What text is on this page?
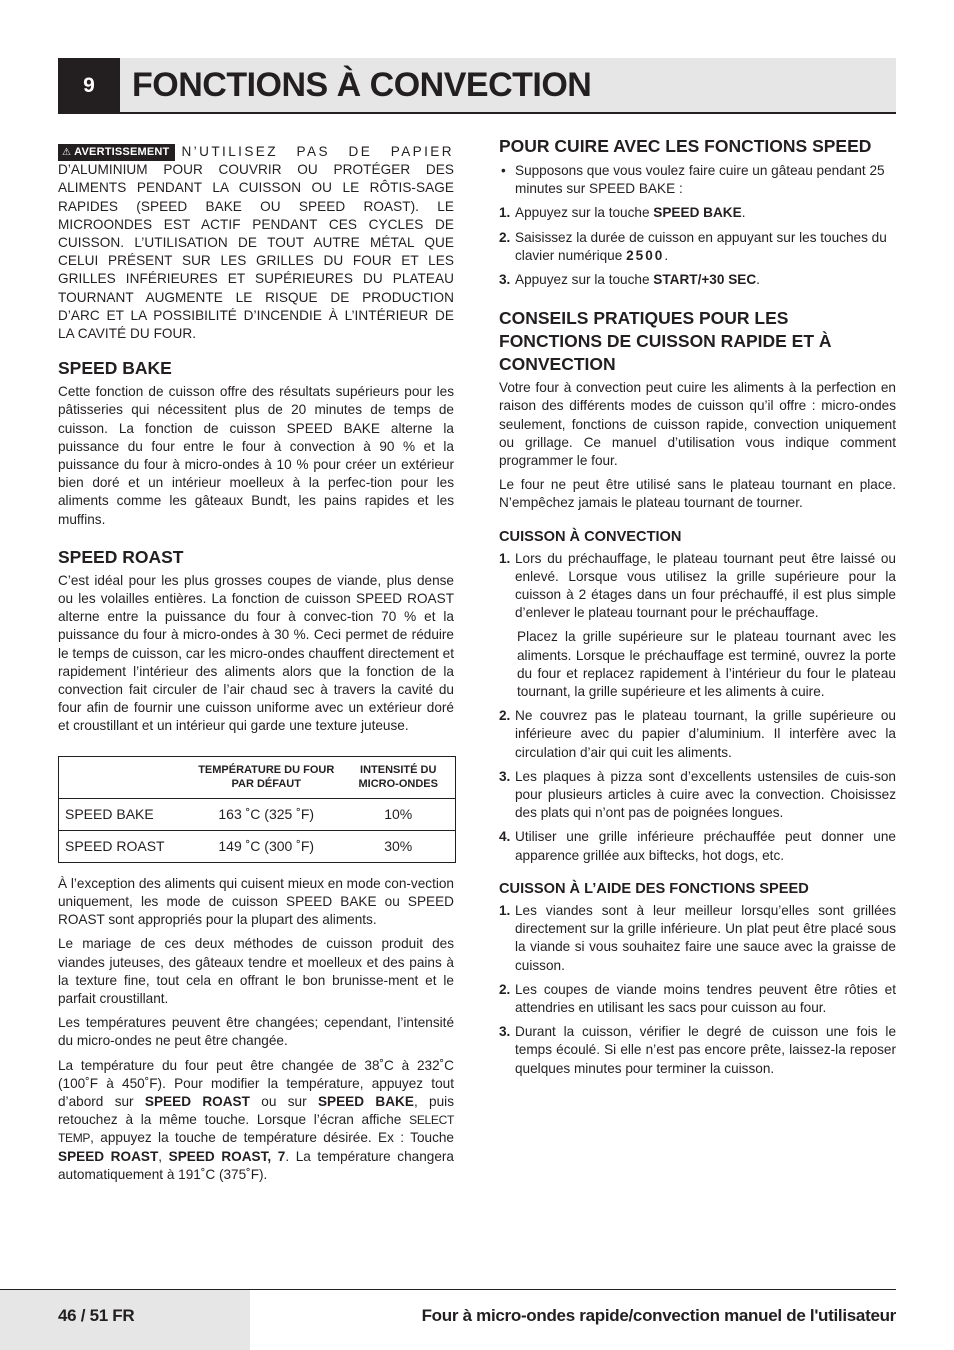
9	FONCTIONS À CONVECTION

⚠ AVERTISSEMENT N’UTILISEZ PAS DE PAPIER D’ALUMINIUM POUR COUVRIR OU PROTÉGER DES ALIMENTS PENDANT LA CUISSON OU LE RÔTIS-SAGE RAPIDES (SPEED BAKE OU SPEED ROAST). LE MICROONDES EST ACTIF PENDANT CES CYCLES DE CUISSON. L’UTILISATION DE TOUT AUTRE MÉTAL QUE CELUI PRÉSENT SUR LES GRILLES DU FOUR ET LES GRILLES INFÉRIEURES ET SUPÉRIEURES DU PLATEAU TOURNANT AUGMENTE LE RISQUE DE PRODUCTION D’ARC ET LA POSSIBILITÉ D’INCENDIE À L’INTÉRIEUR DE LA CAVITÉ DU FOUR.

SPEED BAKE

Cette fonction de cuisson offre des résultats supérieurs pour les pâtisseries qui nécessitent plus de 20 minutes de temps de cuisson. La fonction de cuisson SPEED BAKE alterne la puissance du four entre le four à convection à 90 % et la puissance du four à micro-ondes à 10 % pour créer un extérieur bien doré et un intérieur moelleux à la perfec-tion pour les aliments comme les gâteaux Bundt, les pains rapides et les muffins.

SPEED ROAST

C’est idéal pour les plus grosses coupes de viande, plus dense ou les volailles entières. La fonction de cuisson SPEED ROAST alterne entre la puissance du four à convec-tion 70 % et la puissance du four à micro-ondes à 30 %. Ceci permet de réduire le temps de cuisson, car les micro-ondes chauffent directement et rapidement l’intérieur des aliments alors que la fonction de la convection fait circuler de l’air chaud sec à travers la cavité du four afin de fournir une cuisson uniforme avec un extérieur doré et croustillant et un intérieur qui garde une texture juteuse.

	TEMPÉRATURE DU FOUR PAR DÉFAUT	INTENSITÉ DU MICRO-ONDES
SPEED BAKE	163 ˚C (325 ˚F)	10%
SPEED ROAST	149 ˚C (300 ˚F)	30%

À l’exception des aliments qui cuisent mieux en mode con-vection uniquement, les mode de cuisson SPEED BAKE ou SPEED ROAST sont appropriés pour la plupart des aliments.

Le mariage de ces deux méthodes de cuisson produit des viandes juteuses, des gâteaux tendre et moelleux et des pains à la texture fine, tout cela en offrant le bon brunisse-ment et le parfait croustillant.

Les températures peuvent être changées; cependant, l’intensité du micro-ondes ne peut être changée.

La température du four peut être changée de 38˚C à 232˚C (100˚F à 450˚F). Pour modifier la température, appuyez tout d’abord sur SPEED ROAST ou sur SPEED BAKE, puis retouchez à la même touche. Lorsque l’écran affiche SELECT TEMP, appuyez la touche de température désirée. Ex : Touche SPEED ROAST, SPEED ROAST, 7. La température changera automatiquement à 191˚C (375˚F).

POUR CUIRE AVEC LES FONCTIONS SPEED
• Supposons que vous voulez faire cuire un gâteau pendant 25 minutes sur SPEED BAKE :
1. Appuyez sur la touche SPEED BAKE.
2. Saisissez la durée de cuisson en appuyant sur les touches du clavier numérique 2500.
3. Appuyez sur la touche START/+30 SEC.
CONSEILS PRATIQUES POUR LES FONCTIONS DE CUISSON RAPIDE ET À CONVECTION

Votre four à convection peut cuire les aliments à la perfection en raison des différents modes de cuisson qu’il offre : micro-ondes seulement, fonctions de cuisson rapide, convection uniquement ou grillage. Ce manuel d’utilisation vous indique comment programmer le four.

Le four ne peut être utilisé sans le plateau tournant en place. N’empêchez jamais le plateau tournant de tourner.

CUISSON À CONVECTION
1. Lors du préchauffage, le plateau tournant peut être laissé ou enlevé. Lorsque vous utilisez la grille supérieure pour la cuisson à 2 étages dans un four préchauffé, il est plus simple d’enlever le plateau tournant pour le préchauffage.

Placez la grille supérieure sur le plateau tournant avec les aliments. Lorsque le préchauffage est terminé, ouvrez la porte du four et replacez rapidement à l’intérieur du four le plateau tournant, la grille supérieure et les aliments à cuire.

2. Ne couvrez pas le plateau tournant, la grille supérieure ou inférieure avec du papier d’aluminium. Il interfère avec la circulation d’air qui cuit les aliments.
3. Les plaques à pizza sont d’excellents ustensiles de cuis-son pour plusieurs articles à cuire avec la convection. Choisissez des plats qui n’ont pas de poignées longues.
4. Utiliser une grille inférieure préchauffée peut donner une apparence grillée aux biftecks, hot dogs, etc.
CUISSON À L’AIDE DES FONCTIONS SPEED
1. Les viandes sont à leur meilleur lorsqu’elles sont grillées directement sur la grille inférieure. Un plat peut être placé sous la viande si vous souhaitez faire une sauce avec la graisse de cuisson.
2. Les coupes de viande moins tendres peuvent être rôties et attendries en utilisant les sacs pour cuisson au four.
3. Durant la cuisson, vérifier le degré de cuisson une fois le temps écoulé. Si elle n’est pas encore prête, laissez-la reposer quelques minutes pour terminer la cuisson.
46 / 51 FR	Four à micro-ondes rapide/convection manuel de l'utilisateur
